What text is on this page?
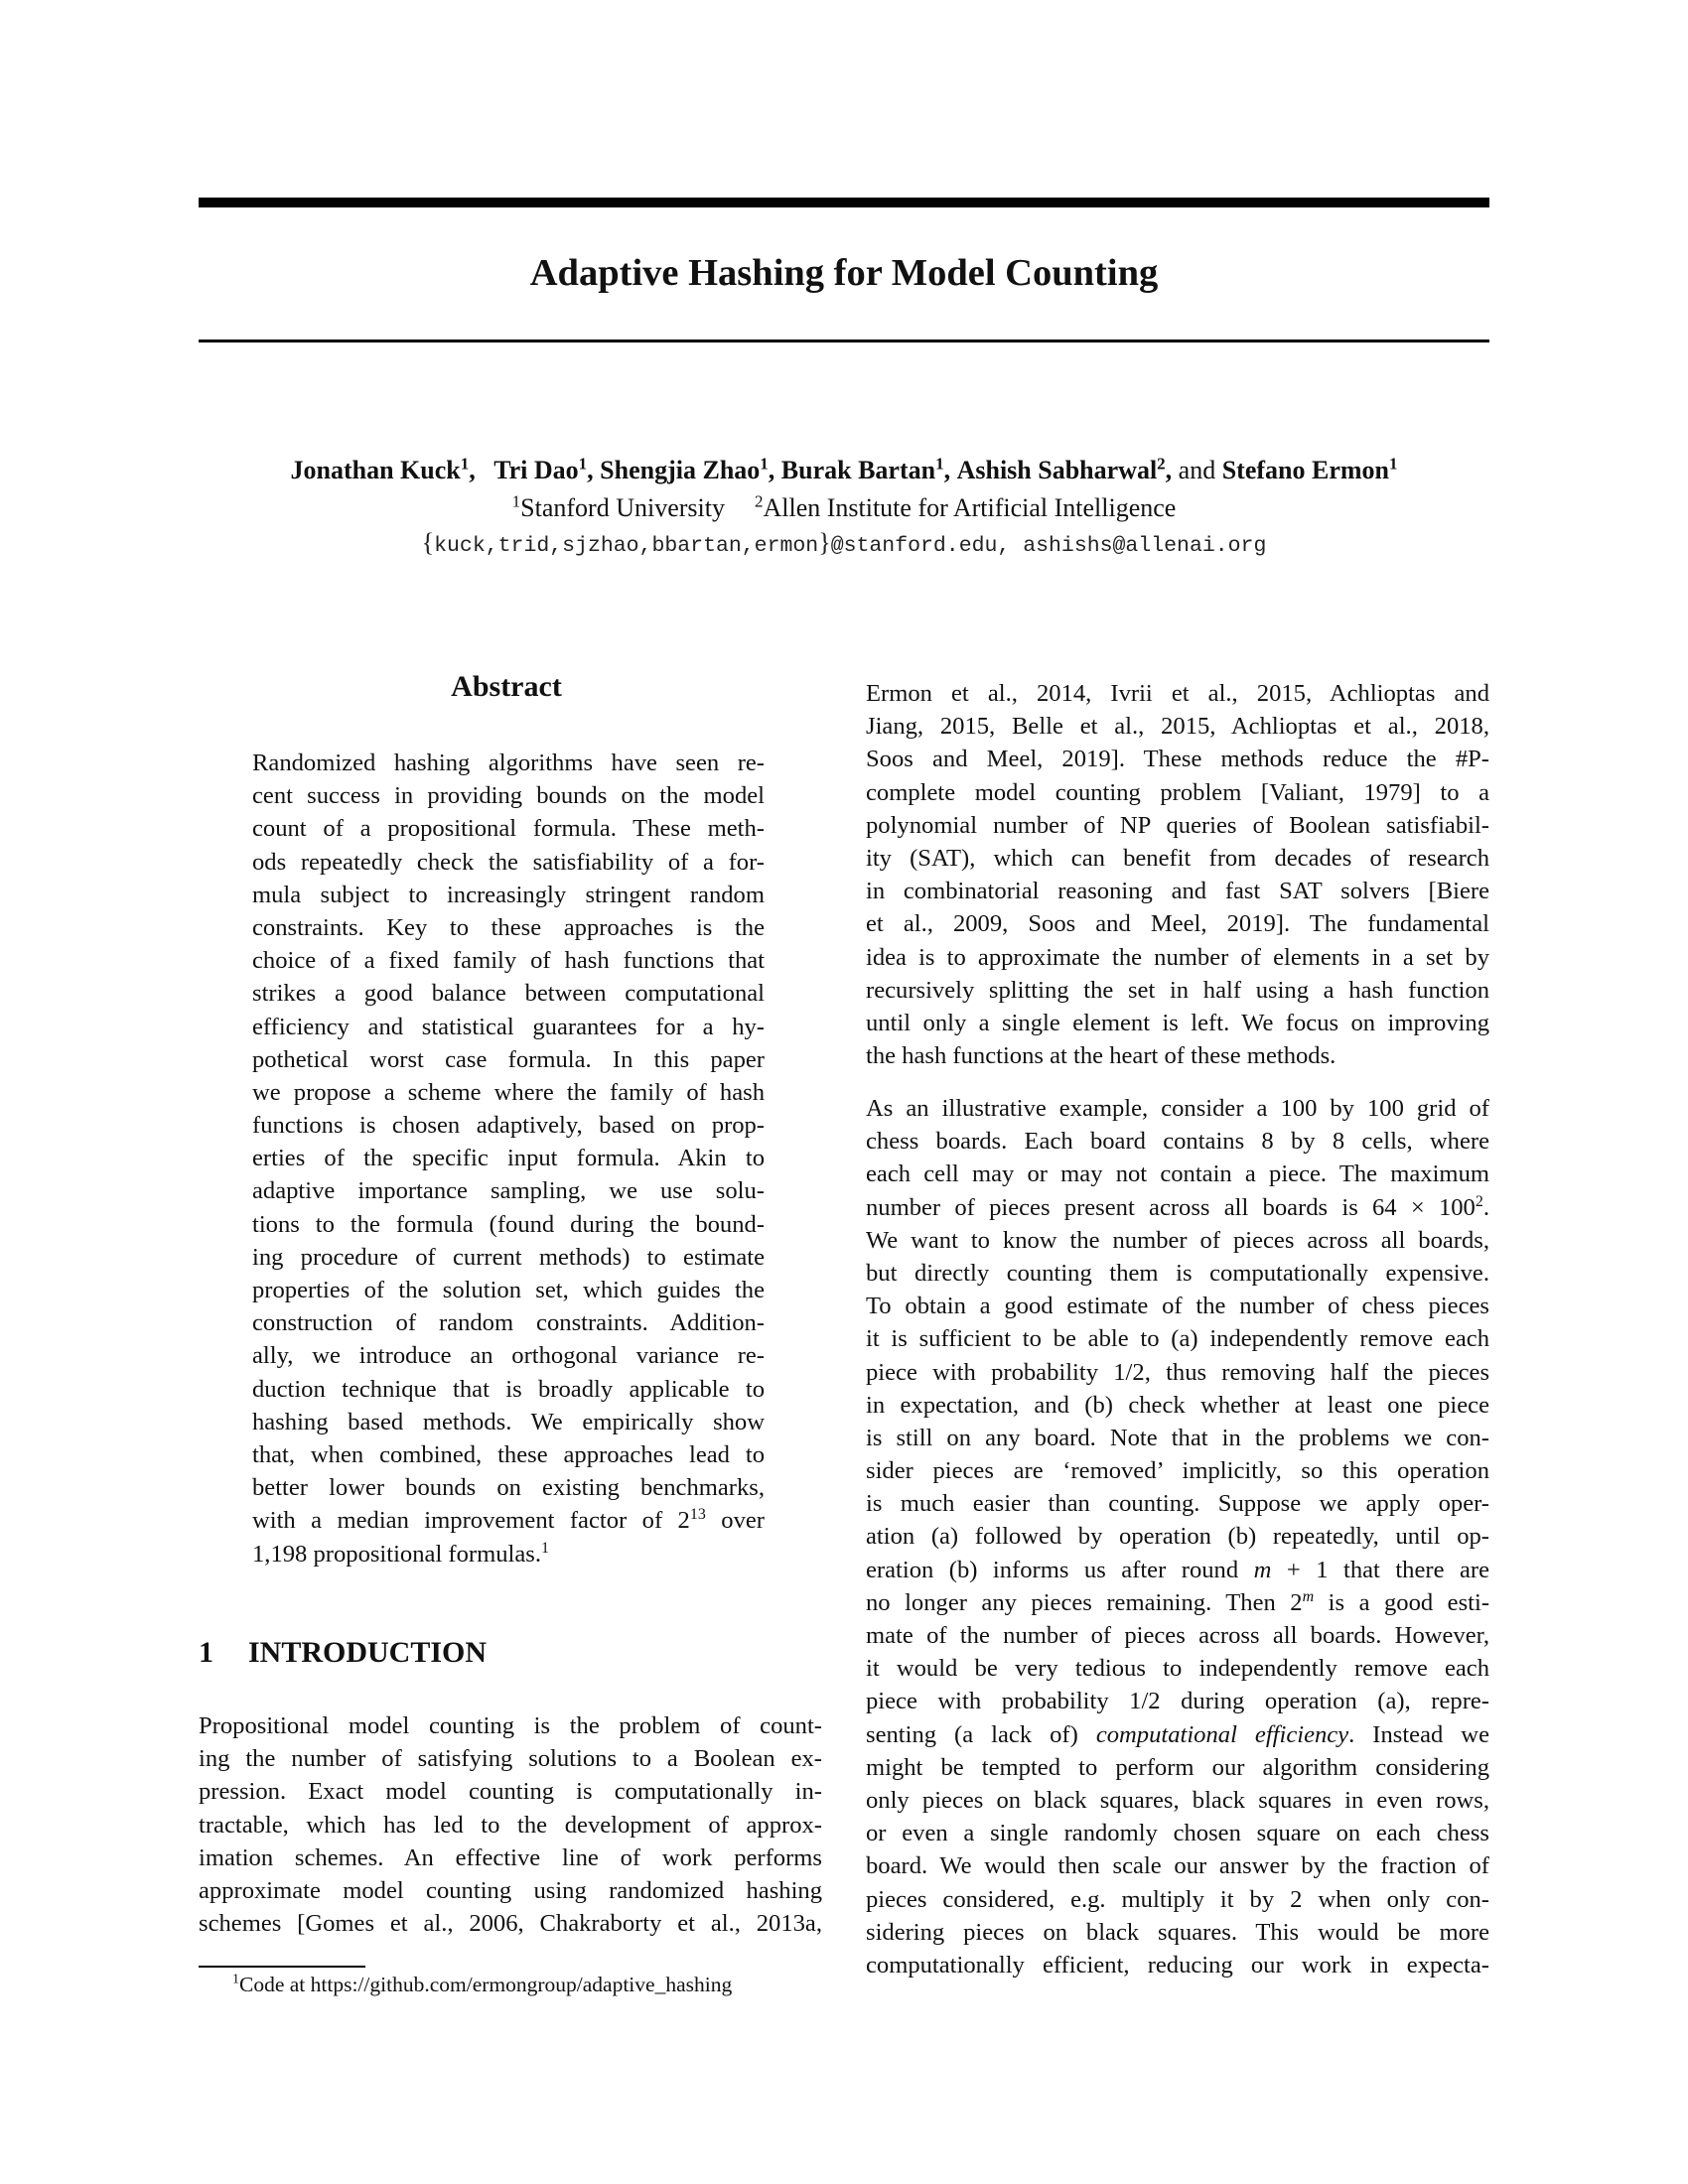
Adaptive Hashing for Model Counting
Jonathan Kuck$^1$, Tri Dao$^1$, Shengjia Zhao$^1$, Burak Bartan$^1$, Ashish Sabharwal$^2$, and Stefano Ermon$^1$
$^1$Stanford University $^2$Allen Institute for Artificial Intelligence
{kuck,trid,sjzhao,bbartan,ermon}@stanford.edu, ashishs@allenai.org
Abstract
Randomized hashing algorithms have seen re-
cent success in providing bounds on the model
count of a propositional formula. These meth-
ods repeatedly check the satisfiability of a for-
mula subject to increasingly stringent random
constraints. Key to these approaches is the
choice of a fixed family of hash functions that
strikes a good balance between computational
efficiency and statistical guarantees for a hy-
pothetical worst case formula. In this paper
we propose a scheme where the family of hash
functions is chosen adaptively, based on prop-
erties of the specific input formula. Akin to
adaptive importance sampling, we use solu-
tions to the formula (found during the bound-
ing procedure of current methods) to estimate
properties of the solution set, which guides the
construction of random constraints. Addition-
ally, we introduce an orthogonal variance re-
duction technique that is broadly applicable to
hashing based methods. We empirically show
that, when combined, these approaches lead to
better lower bounds on existing benchmarks,
with a median improvement factor of $2^{13}$ over
1,198 propositional formulas.$^1$
1 INTRODUCTION
Propositional model counting is the problem of count-
ing the number of satisfying solutions to a Boolean ex-
pression. Exact model counting is computationally in-
tractable, which has led to the development of approx-
imation schemes. An effective line of work performs
approximate model counting using randomized hashing
schemes [Gomes et al., 2006, Chakraborty et al., 2013a,
$^1$Code at https://github.com/ermongroup/adaptive_hashing
Ermon et al., 2014, Ivrii et al., 2015, Achlioptas and
Jiang, 2015, Belle et al., 2015, Achlioptas et al., 2018,
Soos and Meel, 2019]. These methods reduce the #P-
complete model counting problem [Valiant, 1979] to a
polynomial number of NP queries of Boolean satisfiabil-
ity (SAT), which can benefit from decades of research
in combinatorial reasoning and fast SAT solvers [Biere
et al., 2009, Soos and Meel, 2019]. The fundamental
idea is to approximate the number of elements in a set by
recursively splitting the set in half using a hash function
until only a single element is left. We focus on improving
the hash functions at the heart of these methods.
As an illustrative example, consider a 100 by 100 grid of
chess boards. Each board contains 8 by 8 cells, where
each cell may or may not contain a piece. The maximum
number of pieces present across all boards is $64 \times 100^2$.
We want to know the number of pieces across all boards,
but directly counting them is computationally expensive.
To obtain a good estimate of the number of chess pieces
it is sufficient to be able to (a) independently remove each
piece with probability 1/2, thus removing half the pieces
in expectation, and (b) check whether at least one piece
is still on any board. Note that in the problems we con-
sider pieces are ‘removed’ implicitly, so this operation
is much easier than counting. Suppose we apply oper-
ation (a) followed by operation (b) repeatedly, until op-
eration (b) informs us after round m + 1 that there are
no longer any pieces remaining. Then 2$^m$ is a good esti-
mate of the number of pieces across all boards. However,
it would be very tedious to independently remove each
piece with probability 1/2 during operation (a), repre-
senting (a lack of) computational efficiency. Instead we
might be tempted to perform our algorithm considering
only pieces on black squares, black squares in even rows,
or even a single randomly chosen square on each chess
board. We would then scale our answer by the fraction of
pieces considered, e.g. multiply it by 2 when only con-
sidering pieces on black squares. This would be more
computationally efficient, reducing our work in expecta-
